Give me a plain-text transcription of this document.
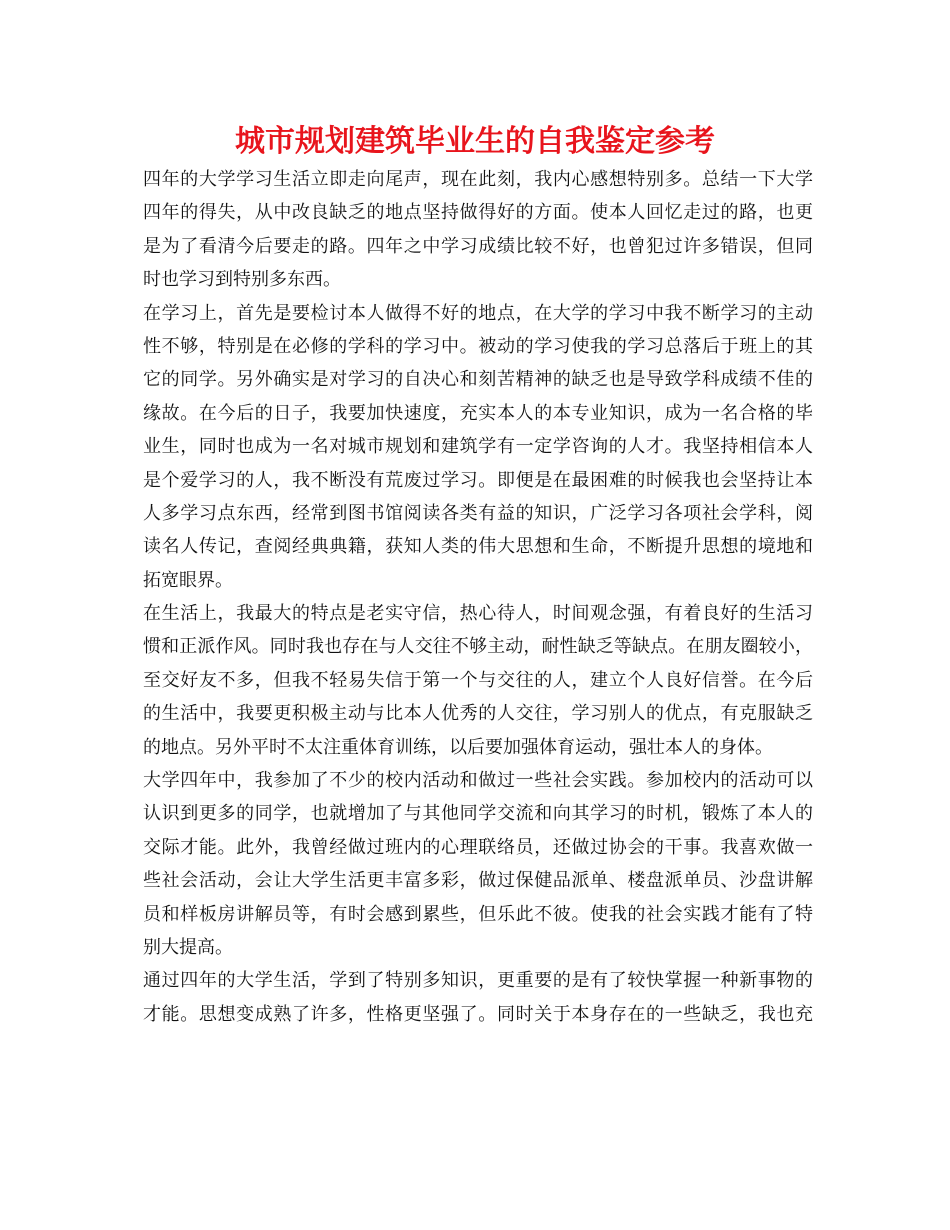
城市规划建筑毕业生的自我鉴定参考

四年的大学学习生活立即走向尾声，现在此刻，我内心感想特别多。总结一下大学
四年的得失，从中改良缺乏的地点坚持做得好的方面。使本人回忆走过的路，也更
是为了看清今后要走的路。四年之中学习成绩比较不好，也曾犯过许多错误，但同
时也学习到特别多东西。

在学习上，首先是要检讨本人做得不好的地点，在大学的学习中我不断学习的主动
性不够，特别是在必修的学科的学习中。被动的学习使我的学习总落后于班上的其
它的同学。另外确实是对学习的自决心和刻苦精神的缺乏也是导致学科成绩不佳的
缘故。在今后的日子，我要加快速度，充实本人的本专业知识，成为一名合格的毕
业生，同时也成为一名对城市规划和建筑学有一定学咨询的人才。我坚持相信本人
是个爱学习的人，我不断没有荒废过学习。即便是在最困难的时候我也会坚持让本
人多学习点东西，经常到图书馆阅读各类有益的知识，广泛学习各项社会学科，阅
读名人传记，查阅经典典籍，获知人类的伟大思想和生命，不断提升思想的境地和
拓宽眼界。

在生活上，我最大的特点是老实守信，热心待人，时间观念强，有着良好的生活习
惯和正派作风。同时我也存在与人交往不够主动，耐性缺乏等缺点。在朋友圈较小，
至交好友不多，但我不轻易失信于第一个与交往的人，建立个人良好信誉。在今后
的生活中，我要更积极主动与比本人优秀的人交往，学习别人的优点，有克服缺乏
的地点。另外平时不太注重体育训练，以后要加强体育运动，强壮本人的身体。

大学四年中，我参加了不少的校内活动和做过一些社会实践。参加校内的活动可以
认识到更多的同学，也就增加了与其他同学交流和向其学习的时机，锻炼了本人的
交际才能。此外，我曾经做过班内的心理联络员，还做过协会的干事。我喜欢做一
些社会活动，会让大学生活更丰富多彩，做过保健品派单、楼盘派单员、沙盘讲解
员和样板房讲解员等，有时会感到累些，但乐此不彼。使我的社会实践才能有了特
别大提高。

通过四年的大学生活，学到了特别多知识，更重要的是有了较快掌握一种新事物的
才能。思想变成熟了许多，性格更坚强了。同时关于本身存在的一些缺乏，我也充
